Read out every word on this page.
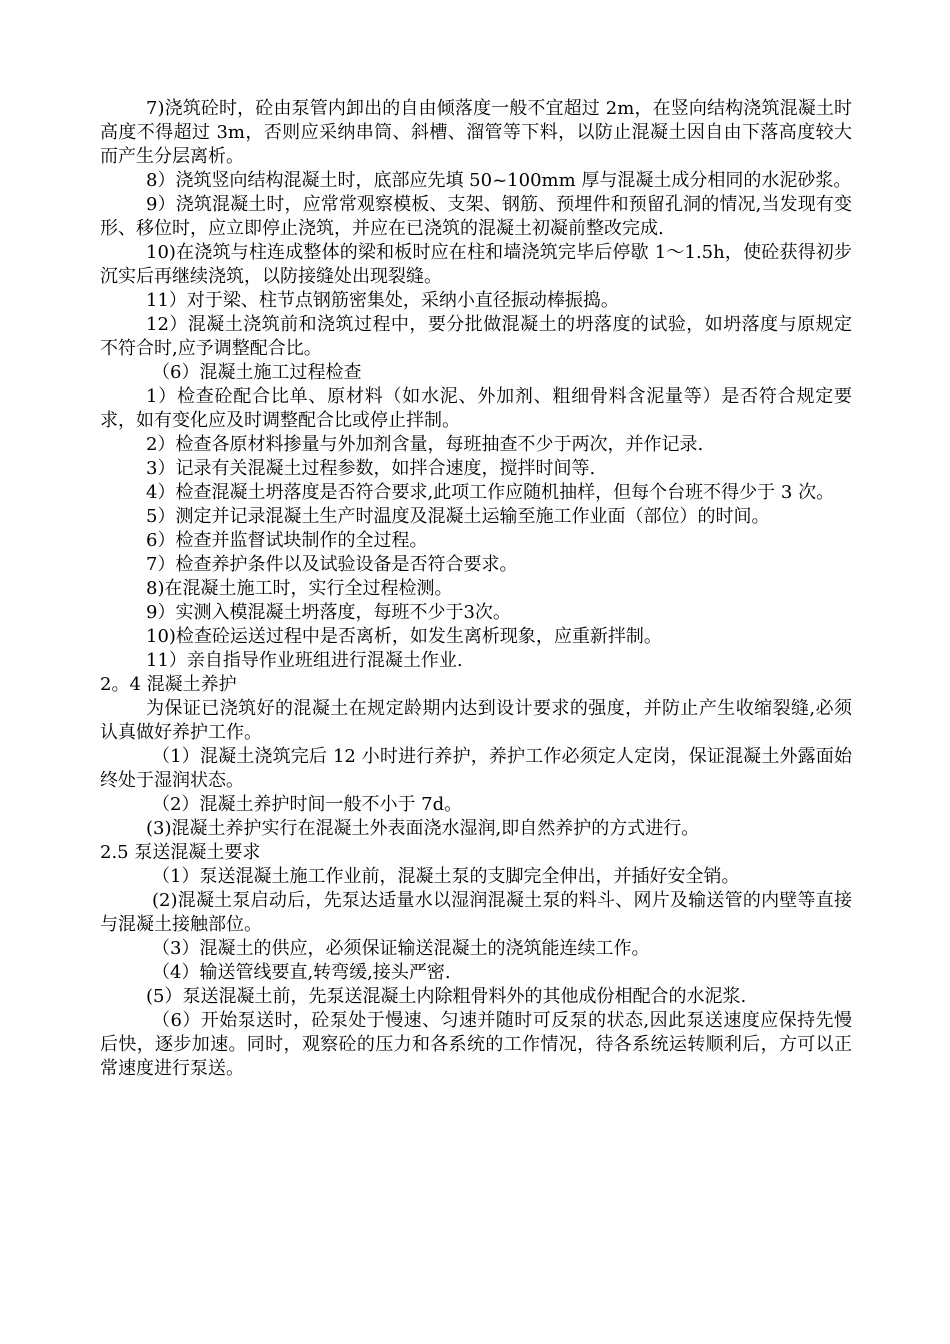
7)浇筑砼时，砼由泵管内卸出的自由倾落度一般不宜超过 2m，在竖向结构浇筑混凝土时高度不得超过 3m，否则应采纳串筒、斜槽、溜管等下料，以防止混凝土因自由下落高度较大而产生分层离析。

8）浇筑竖向结构混凝土时，底部应先填 50~100mm 厚与混凝土成分相同的水泥砂浆。

9）浇筑混凝土时，应常常观察模板、支架、钢筋、预埋件和预留孔洞的情况,当发现有变形、移位时，应立即停止浇筑，并应在已浇筑的混凝土初凝前整改完成.

10)在浇筑与柱连成整体的梁和板时应在柱和墙浇筑完毕后停歇 1～1.5h，使砼获得初步沉实后再继续浇筑，以防接缝处出现裂缝。

11）对于梁、柱节点钢筋密集处，采纳小直径振动棒振捣。

12）混凝土浇筑前和浇筑过程中，要分批做混凝土的坍落度的试验，如坍落度与原规定不符合时,应予调整配合比。

（6）混凝土施工过程检查

1）检查砼配合比单、原材料（如水泥、外加剂、粗细骨料含泥量等）是否符合规定要求，如有变化应及时调整配合比或停止拌制。

2）检查各原材料掺量与外加剂含量，每班抽查不少于两次，并作记录.

3）记录有关混凝土过程参数，如拌合速度，搅拌时间等.

4）检查混凝土坍落度是否符合要求,此项工作应随机抽样，但每个台班不得少于 3 次。

5）测定并记录混凝土生产时温度及混凝土运输至施工作业面（部位）的时间。

6）检查并监督试块制作的全过程。

7）检查养护条件以及试验设备是否符合要求。

8)在混凝土施工时，实行全过程检测。

9）实测入模混凝土坍落度，每班不少于3次。

10)检查砼运送过程中是否离析，如发生离析现象，应重新拌制。

11）亲自指导作业班组进行混凝土作业.

2。4 混凝土养护

为保证已浇筑好的混凝土在规定龄期内达到设计要求的强度，并防止产生收缩裂缝,必须认真做好养护工作。

（1）混凝土浇筑完后 12 小时进行养护，养护工作必须定人定岗，保证混凝土外露面始终处于湿润状态。

（2）混凝土养护时间一般不小于 7d。

(3)混凝土养护实行在混凝土外表面浇水湿润,即自然养护的方式进行。

2.5 泵送混凝土要求

（1）泵送混凝土施工作业前，混凝土泵的支脚完全伸出，并插好安全销。

(2)混凝土泵启动后，先泵达适量水以湿润混凝土泵的料斗、网片及输送管的内壁等直接与混凝土接触部位。

（3）混凝土的供应，必须保证输送混凝土的浇筑能连续工作。

（4）输送管线要直,转弯缓,接头严密.

(5）泵送混凝土前，先泵送混凝土内除粗骨料外的其他成份相配合的水泥浆.

（6）开始泵送时，砼泵处于慢速、匀速并随时可反泵的状态,因此泵送速度应保持先慢后快，逐步加速。同时，观察砼的压力和各系统的工作情况，待各系统运转顺利后，方可以正常速度进行泵送。
